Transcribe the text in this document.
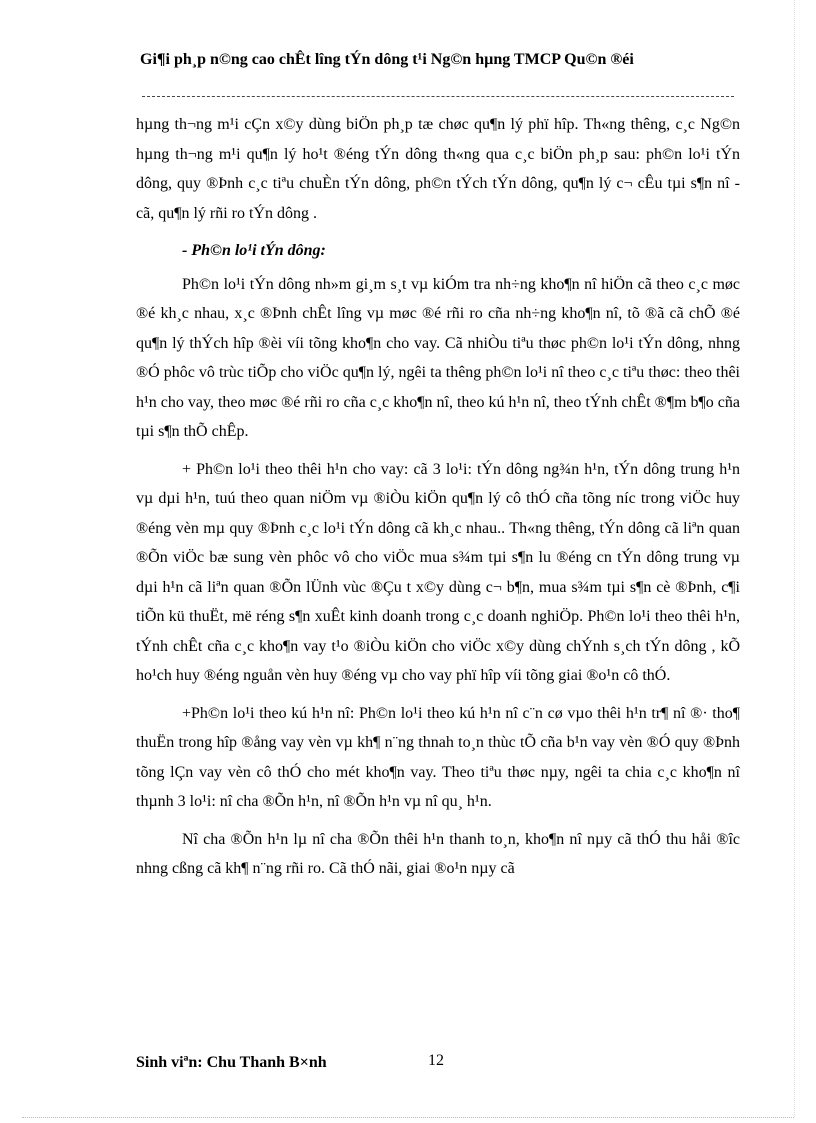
Gi¶i ph¸p n©ng cao chÊt lîng tÝn dông t¹i Ng©n hµng TMCP Qu©n ®éi

hµng th¬ng m¹i cÇn x©y dùng biÖn ph¸p tæ chøc qu¶n lý phï hîp. Th«ng thêng, c¸c Ng©n hµng th¬ng m¹i qu¶n lý ho¹t ®éng tÝn dông th«ng qua c¸c biÖn ph¸p sau: ph©n lo¹i tÝn dông, quy ®Þnh c¸c tiªu chuÈn tÝn dông, ph©n tÝch tÝn dông, qu¶n lý c¬ cÊu tµi s¶n nî - cã, qu¶n lý rñi ro tÝn dông .

- Ph©n lo¹i tÝn dông:

Ph©n lo¹i tÝn dông nh»m gi¸m s¸t vµ kiÓm tra nh÷ng kho¶n nî hiÖn cã theo c¸c møc ®é kh¸c nhau, x¸c ®Þnh chÊt lîng vµ møc ®é rñi ro cña nh÷ng kho¶n nî, tõ ®ã cã chÕ ®é qu¶n lý thÝch hîp ®èi víi tõng kho¶n cho vay. Cã nhiÒu tiªu thøc ph©n lo¹i tÝn dông, nhng ®Ó phôc vô trùc tiÕp cho viÖc qu¶n lý, ngêi ta thêng ph©n lo¹i nî theo c¸c tiªu thøc: theo thêi h¹n cho vay, theo møc ®é rñi ro cña c¸c kho¶n nî, theo kú h¹n nî, theo tÝnh chÊt ®¶m b¶o cña tµi s¶n thÕ chÊp.

+ Ph©n lo¹i theo thêi h¹n cho vay: cã 3 lo¹i: tÝn dông ng¾n h¹n, tÝn dông trung h¹n vµ dµi h¹n, tuú theo quan niÖm vµ ®iÒu kiÖn qu¶n lý cô thÓ cña tõng níc trong viÖc huy ®éng vèn mµ quy ®Þnh c¸c lo¹i tÝn dông cã kh¸c nhau.. Th«ng thêng, tÝn dông cã liªn quan ®Õn viÖc bæ sung vèn phôc vô cho viÖc mua s¾m tµi s¶n lu ®éng cn tÝn dông trung vµ dµi h¹n cã liªn quan ®Õn lÜnh vùc ®Çu t x©y dùng c¬ b¶n, mua s¾m tµi s¶n cè ®Þnh, c¶i tiÕn kü thuËt, më réng s¶n xuÊt kinh doanh trong c¸c doanh nghiÖp. Ph©n lo¹i theo thêi h¹n, tÝnh chÊt cña c¸c kho¶n vay t¹o ®iÒu kiÖn cho viÖc x©y dùng chÝnh s¸ch tÝn dông , kÕ ho¹ch huy ®éng nguån vèn huy ®éng vµ cho vay phï hîp víi tõng giai ®o¹n cô thÓ.

+Ph©n lo¹i theo kú h¹n nî: Ph©n lo¹i theo kú h¹n nî c¨n cø vµo thêi h¹n tr¶ nî ®· tho¶ thuËn trong hîp ®ång vay vèn vµ kh¶ n¨ng thnah to¸n thùc tÕ cña b¹n vay vèn ®Ó quy ®Þnh tõng lÇn vay vèn cô thÓ cho mét kho¶n vay. Theo tiªu thøc nµy, ngêi ta chia c¸c kho¶n nî thµnh 3 lo¹i: nî cha ®Õn h¹n, nî ®Õn h¹n vµ nî qu¸ h¹n.

Nî cha ®Õn h¹n lµ nî cha ®Õn thêi h¹n thanh to¸n, kho¶n nî nµy cã thÓ thu håi ®îc nhng cßng cã kh¶ n¨ng rñi ro. Cã thÓ nãi, giai ®o¹n nµy cã

Sinh viªn: Chu Thanh B×nh	12
